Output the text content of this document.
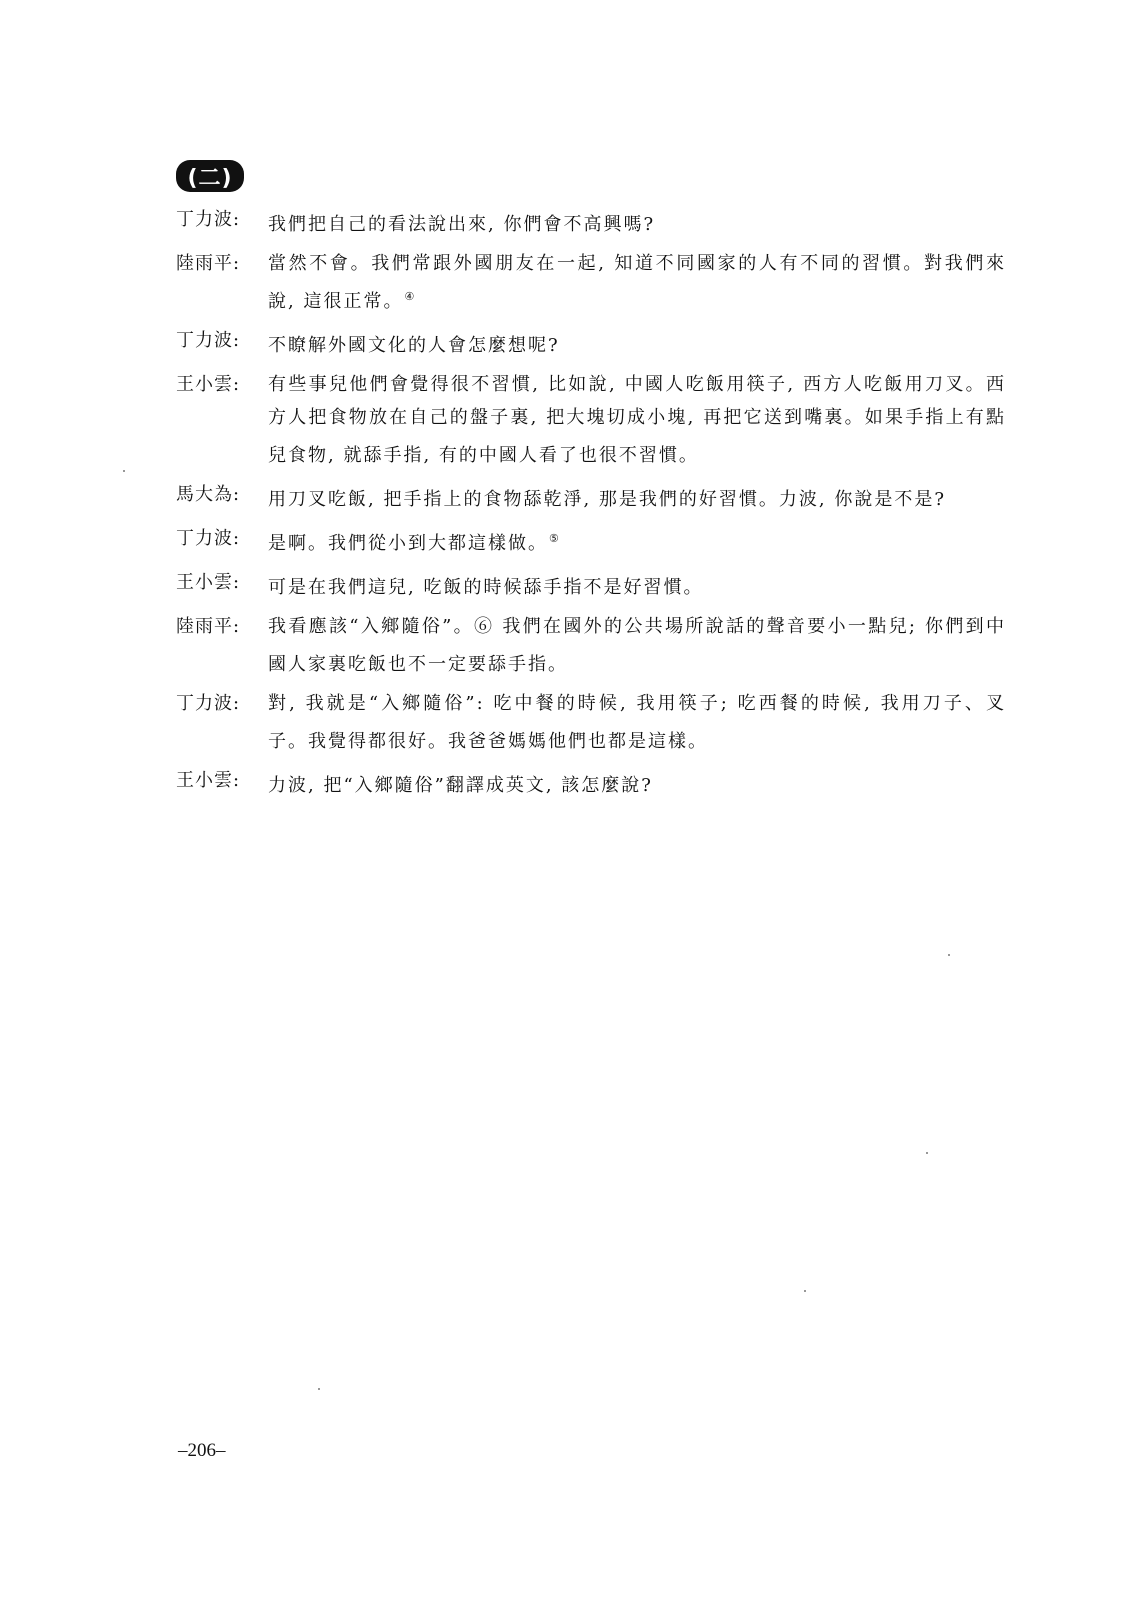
(二)
丁力波:	我們把自己的看法說出來, 你們會不高興嗎?
陸雨平:	當然不會。我們常跟外國朋友在一起, 知道不同國家的人有不同的習慣。對我們來說, 這很正常。④
丁力波:	不瞭解外國文化的人會怎麼想呢?
王小雲:	有些事兒他們會覺得很不習慣, 比如說, 中國人吃飯用筷子, 西方人吃飯用刀叉。西方人把食物放在自己的盤子裏, 把大塊切成小塊, 再把它送到嘴裏。如果手指上有點兒食物, 就舔手指, 有的中國人看了也很不習慣。
馬大為:	用刀叉吃飯, 把手指上的食物舔乾淨, 那是我們的好習慣。力波, 你說是不是?
丁力波:	是啊。我們從小到大都這樣做。⑤
王小雲:	可是在我們這兒, 吃飯的時候舔手指不是好習慣。
陸雨平:	我看應該“入鄉隨俗”。⑥ 我們在國外的公共場所說話的聲音要小一點兒; 你們到中國人家裏吃飯也不一定要舔手指。
丁力波:	對, 我就是“入鄉隨俗”: 吃中餐的時候, 我用筷子; 吃西餐的時候, 我用刀子、叉子。我覺得都很好。我爸爸媽媽他們也都是這樣。
王小雲:	力波, 把“入鄉隨俗”翻譯成英文, 該怎麼說?
–206–
